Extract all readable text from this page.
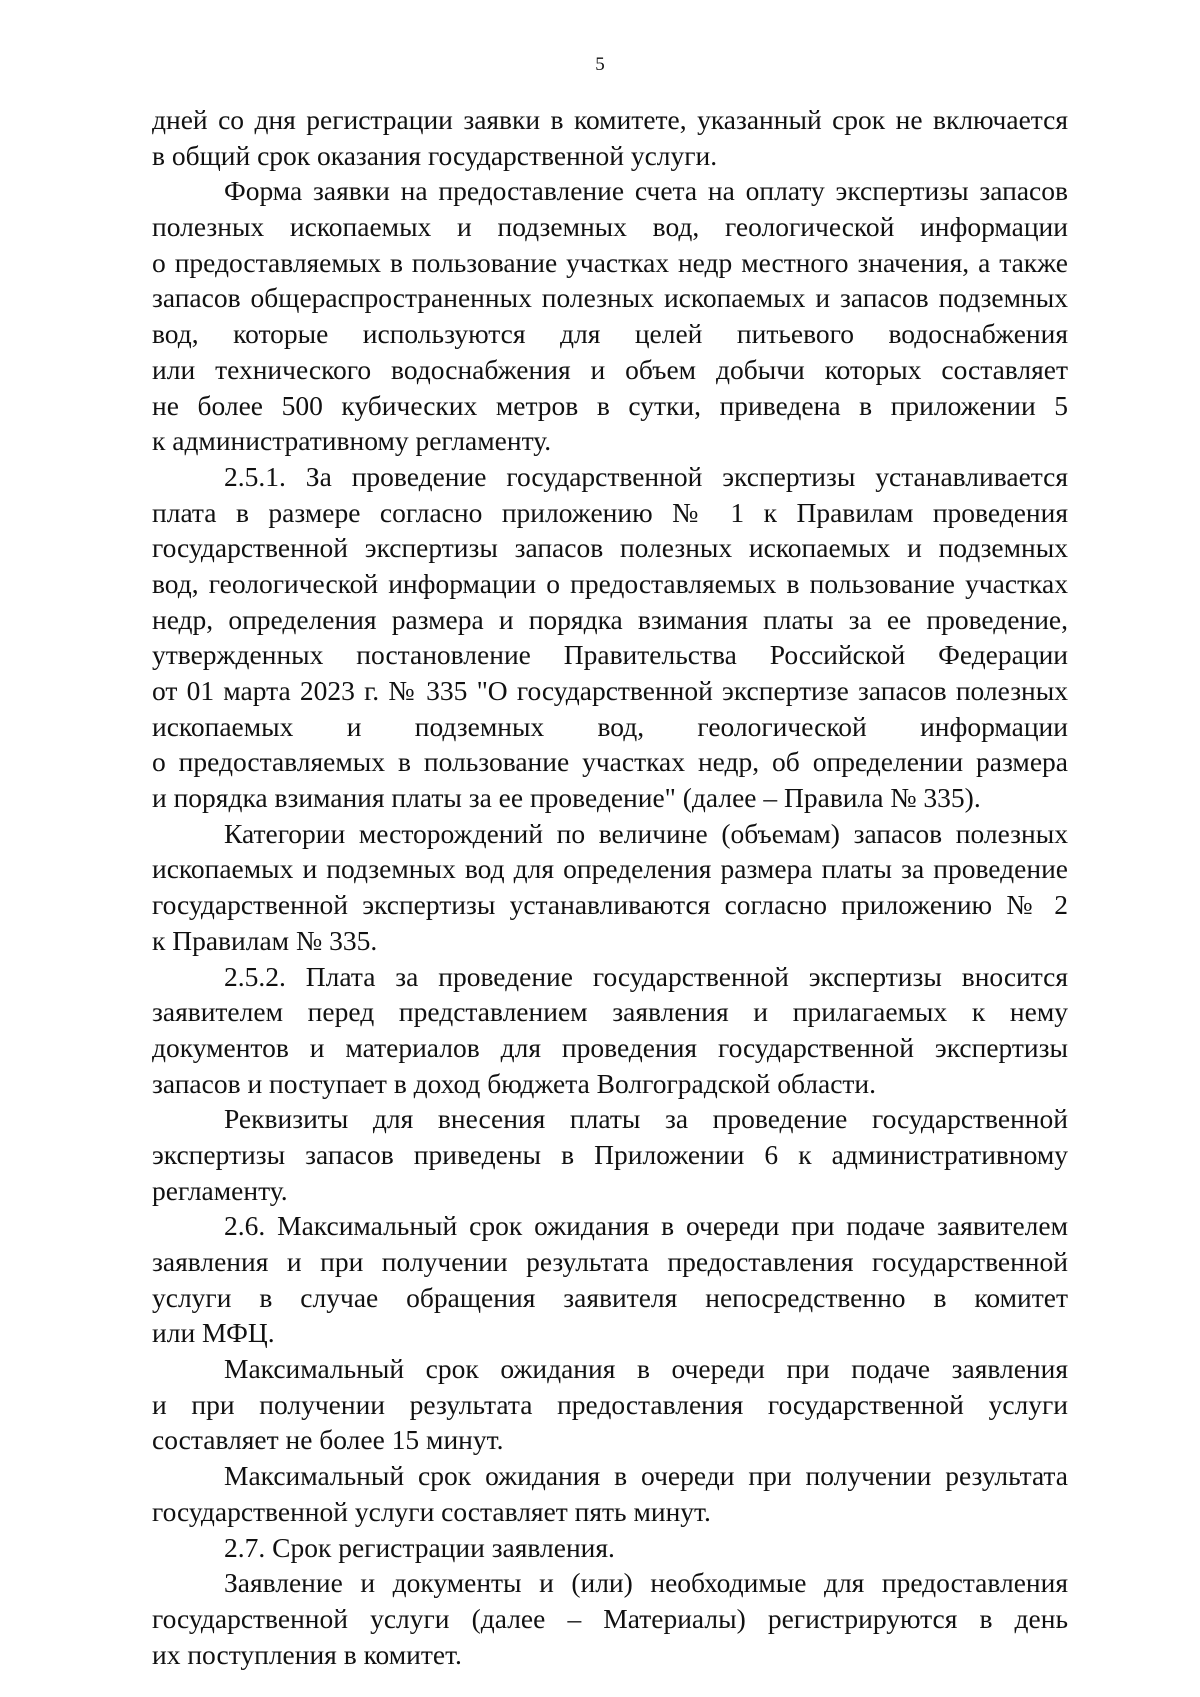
5
дней со дня регистрации заявки в комитете, указанный срок не включается
в общий срок оказания государственной услуги.
Форма заявки на предоставление счета на оплату экспертизы запасов
полезных ископаемых и подземных вод, геологической информации
о предоставляемых в пользование участках недр местного значения, а также
запасов общераспространенных полезных ископаемых и запасов подземных
вод, которые используются для целей питьевого водоснабжения
или технического водоснабжения и объем добычи которых составляет
не более 500 кубических метров в сутки, приведена в приложении 5
к административному регламенту.
2.5.1. За проведение государственной экспертизы устанавливается
плата в размере согласно приложению № 1 к Правилам проведения
государственной экспертизы запасов полезных ископаемых и подземных
вод, геологической информации о предоставляемых в пользование участках
недр, определения размера и порядка взимания платы за ее проведение,
утвержденных постановление Правительства Российской Федерации
от 01 марта 2023 г. № 335 "О государственной экспертизе запасов полезных
ископаемых и подземных вод, геологической информации
о предоставляемых в пользование участках недр, об определении размера
и порядка взимания платы за ее проведение" (далее – Правила № 335).
Категории месторождений по величине (объемам) запасов полезных
ископаемых и подземных вод для определения размера платы за проведение
государственной экспертизы устанавливаются согласно приложению № 2
к Правилам № 335.
2.5.2. Плата за проведение государственной экспертизы вносится
заявителем перед представлением заявления и прилагаемых к нему
документов и материалов для проведения государственной экспертизы
запасов и поступает в доход бюджета Волгоградской области.
Реквизиты для внесения платы за проведение государственной
экспертизы запасов приведены в Приложении 6 к административному
регламенту.
2.6. Максимальный срок ожидания в очереди при подаче заявителем
заявления и при получении результата предоставления государственной
услуги в случае обращения заявителя непосредственно в комитет
или МФЦ.
Максимальный срок ожидания в очереди при подаче заявления
и при получении результата предоставления государственной услуги
составляет не более 15 минут.
Максимальный срок ожидания в очереди при получении результата
государственной услуги составляет пять минут.
2.7. Срок регистрации заявления.
Заявление и документы и (или) необходимые для предоставления
государственной услуги (далее – Материалы) регистрируются в день
их поступления в комитет.
